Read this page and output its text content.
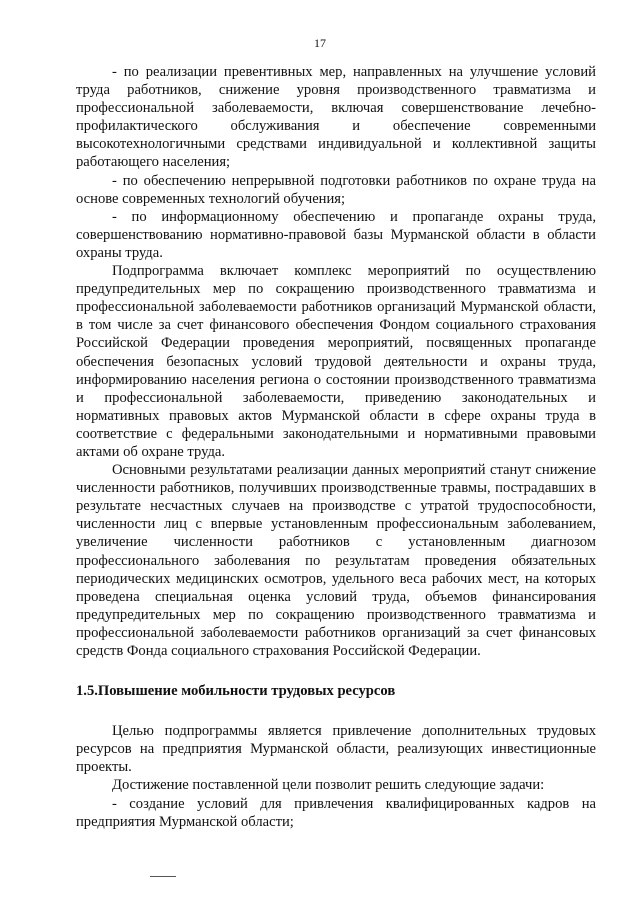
17

- по реализации превентивных мер, направленных на улучшение условий труда работников, снижение уровня производственного травматизма и профессиональной заболеваемости, включая совершенствование лечебно-профилактического обслуживания и обеспечение современными высокотехнологичными средствами индивидуальной и коллективной защиты работающего населения;

- по обеспечению непрерывной подготовки работников по охране труда на основе современных технологий обучения;

- по информационному обеспечению и пропаганде охраны труда, совершенствованию нормативно-правовой базы Мурманской области в области охраны труда.

Подпрограмма включает комплекс мероприятий по осуществлению предупредительных мер по сокращению производственного травматизма и профессиональной заболеваемости работников организаций Мурманской области, в том числе за счет финансового обеспечения Фондом социального страхования Российской Федерации проведения мероприятий, посвященных пропаганде обеспечения безопасных условий трудовой деятельности и охраны труда, информированию населения региона о состоянии производственного травматизма и профессиональной заболеваемости, приведению законодательных и нормативных правовых актов Мурманской области в сфере охраны труда в соответствие с федеральными законодательными и нормативными правовыми актами об охране труда.

Основными результатами реализации данных мероприятий станут снижение численности работников, получивших производственные травмы, пострадавших в результате несчастных случаев на производстве с утратой трудоспособности, численности лиц с впервые установленным профессиональным заболеванием, увеличение численности работников с установленным диагнозом профессионального заболевания по результатам проведения обязательных периодических медицинских осмотров, удельного веса рабочих мест, на которых проведена специальная оценка условий труда, объемов финансирования предупредительных мер по сокращению производственного травматизма и профессиональной заболеваемости работников организаций за счет финансовых средств Фонда социального страхования Российской Федерации.

1.5.Повышение мобильности трудовых ресурсов

Целью подпрограммы является привлечение дополнительных трудовых ресурсов на предприятия Мурманской области, реализующих инвестиционные проекты.

Достижение поставленной цели позволит решить следующие задачи:

- создание условий для привлечения квалифицированных кадров на предприятия Мурманской области;
